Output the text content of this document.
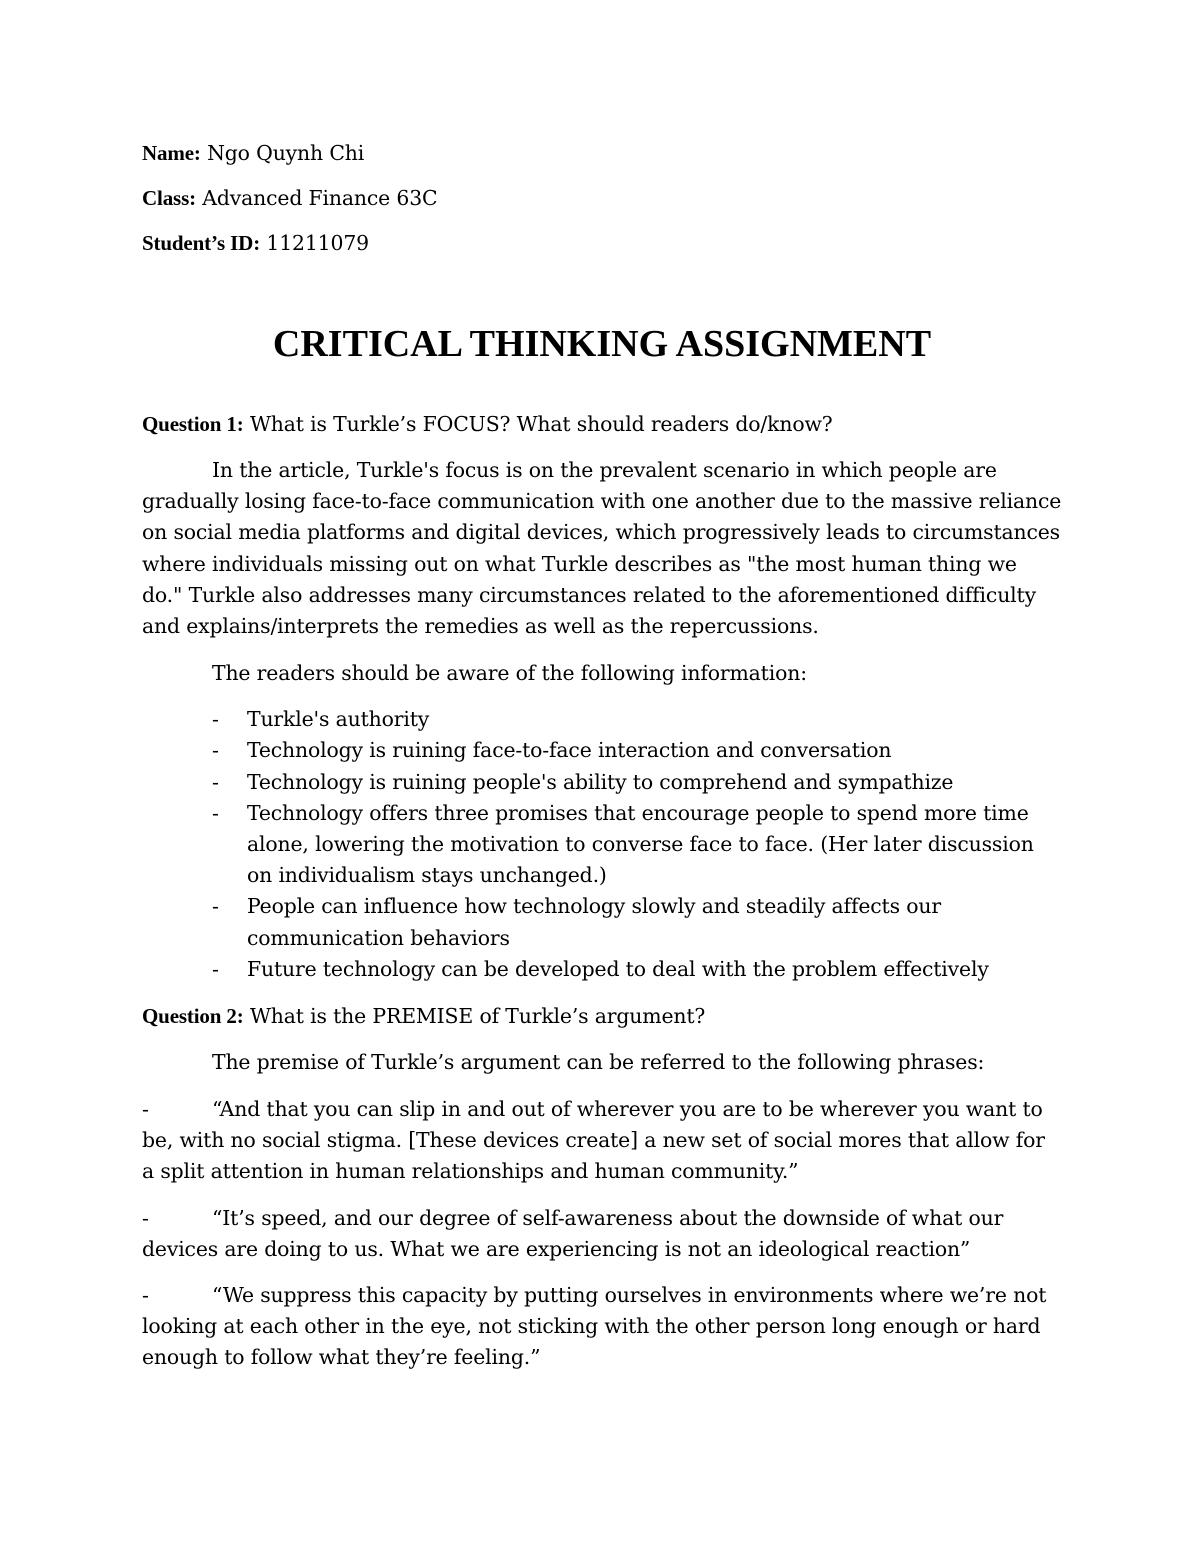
Name: Ngo Quynh Chi

Class: Advanced Finance 63C

Student’s ID: 11211079

CRITICAL THINKING ASSIGNMENT

Question 1: What is Turkle’s FOCUS? What should readers do/know?

In the article, Turkle's focus is on the prevalent scenario in which people are gradually losing face-to-face communication with one another due to the massive reliance on social media platforms and digital devices, which progressively leads to circumstances where individuals missing out on what Turkle describes as "the most human thing we do." Turkle also addresses many circumstances related to the aforementioned difficulty and explains/interprets the remedies as well as the repercussions.

The readers should be aware of the following information:

- Turkle's authority
- Technology is ruining face-to-face interaction and conversation
- Technology is ruining people's ability to comprehend and sympathize
- Technology offers three promises that encourage people to spend more time alone, lowering the motivation to converse face to face. (Her later discussion on individualism stays unchanged.)
- People can influence how technology slowly and steadily affects our communication behaviors
- Future technology can be developed to deal with the problem effectively

Question 2: What is the PREMISE of Turkle’s argument?

The premise of Turkle’s argument can be referred to the following phrases:

-	“And that you can slip in and out of wherever you are to be wherever you want to be, with no social stigma. [These devices create] a new set of social mores that allow for a split attention in human relationships and human community.”

-	“It’s speed, and our degree of self-awareness about the downside of what our devices are doing to us. What we are experiencing is not an ideological reaction”

-	“We suppress this capacity by putting ourselves in environments where we’re not looking at each other in the eye, not sticking with the other person long enough or hard enough to follow what they’re feeling.”
